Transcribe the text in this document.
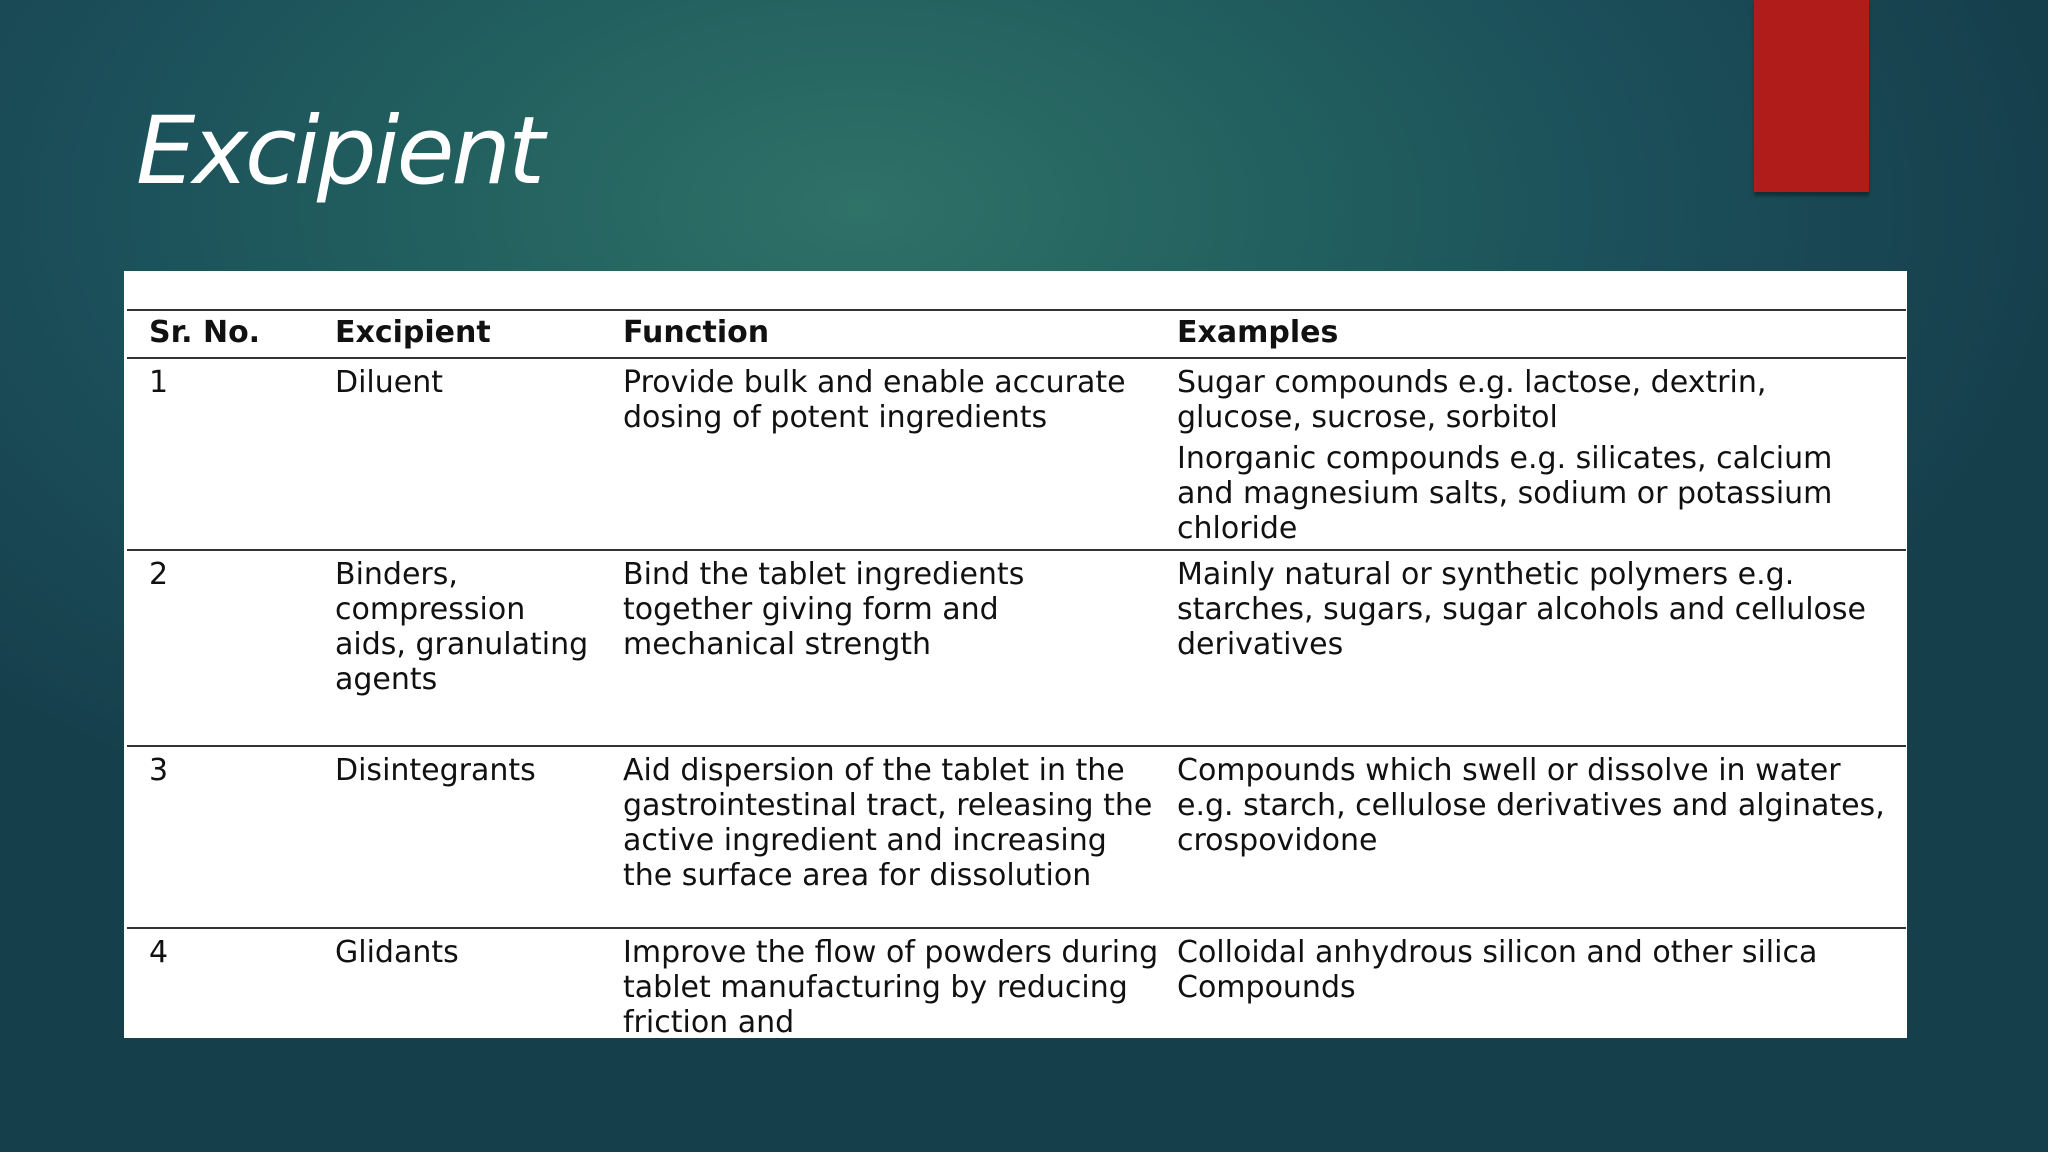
Excipient
Sr. No.	Excipient	Function	Examples
1	Diluent	Provide bulk and enable accurate dosing of potent ingredients	Sugar compounds e.g. lactose, dextrin, glucose, sucrose, sorbitol
Inorganic compounds e.g. silicates, calcium and magnesium salts, sodium or potassium chloride

2	Binders, compression aids, granulating agents	Bind the tablet ingredients together giving form and mechanical strength	Mainly natural or synthetic polymers e.g. starches, sugars, sugar alcohols and cellulose derivatives
3	Disintegrants	Aid dispersion of the tablet in the gastrointestinal tract, releasing the active ingredient and increasing the surface area for dissolution	Compounds which swell or dissolve in water e.g. starch, cellulose derivatives and alginates, crospovidone
4	Glidants	Improve the flow of powders during tablet manufacturing by reducing friction and	Colloidal anhydrous silicon and other silica Compounds
